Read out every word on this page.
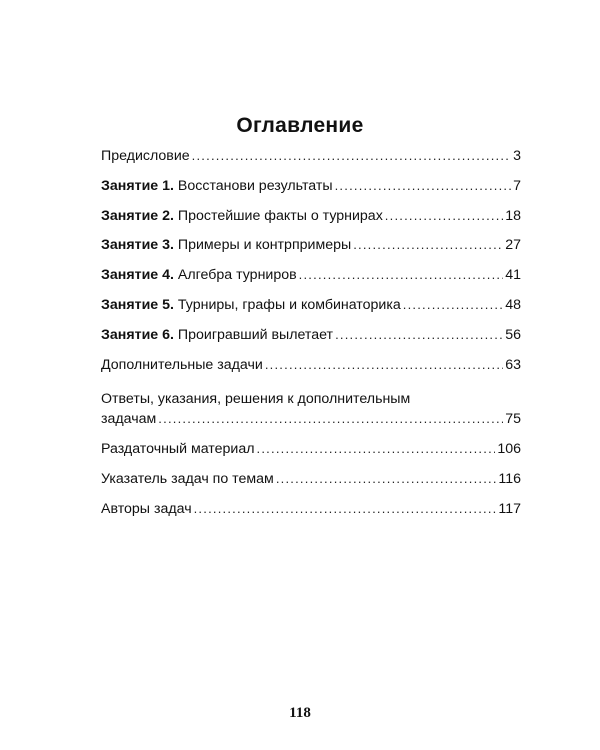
Оглавление
Предисловие . . .	3
Занятие 1. Восстанови результаты . . .	7
Занятие 2. Простейшие факты о турнирах . . .	18
Занятие 3. Примеры и контрпримеры . . .	27
Занятие 4. Алгебра турниров . . .	41
Занятие 5. Турниры, графы и комбинаторика . . .	48
Занятие 6. Проигравший вылетает . . .	56
Дополнительные задачи . . .	63
Ответы, указания, решения к дополнительным
задачам . . .	75
Раздаточный материал . . .	106
Указатель задач по темам . . .	116
Авторы задач . . .	117
118
